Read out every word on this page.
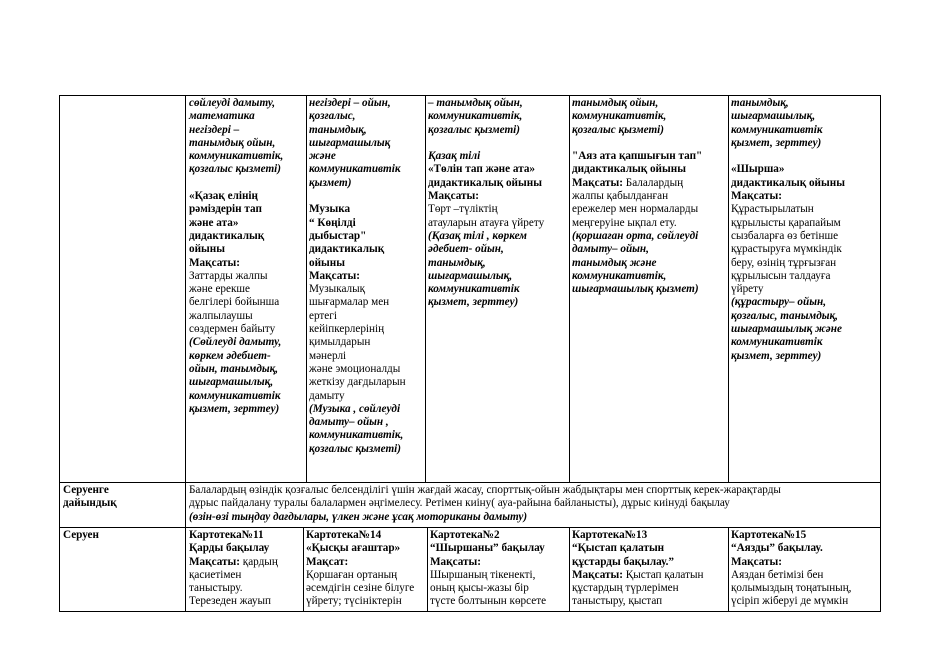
сөйлеуді дамыту,
математика
негіздері –
танымдық ойын,
коммуникативтік,
қозғалыс қызметі)

«Қазақ елінің
рәміздерін тап
және ата»
дидактикалық
ойыны
Мақсаты:
Заттарды жалпы
және ерекше
белгілері бойынша
жалпылаушы
сөздермен байыту
(Сөйлеуді дамыту,
көркем әдебиет-
ойын, танымдық,
шығармашылық,
коммуникативтік
қызмет, зерттеу)
негіздері – ойын,
қозғалыс,
танымдық,
шығармашылық
және
коммуникативтік
қызмет)

Музыка
“ Көңілді
дыбыстар"
дидактикалық
ойыны
Мақсаты:
Музыкалық
шығармалар мен
ертегі
кейіпкерлерінің
қимылдарын
мәнерлі
және эмоционалды
жеткізу дағдыларын
дамыту
(Музыка , сөйлеуді
дамыту– ойын ,
коммуникативтік,
қозғалыс қызметі)
– танымдық ойын,
коммуникативтік,
қозғалыс қызметі)

Қазақ тілі
«Төлін тап және ата»
дидактикалық ойыны
Мақсаты:
Төрт –түліктің
атауларын атауға үйрету
(Қазақ тілі , көркем
әдебиет- ойын,
танымдық,
шығармашылық,
коммуникативтік
қызмет, зерттеу)
танымдық ойын,
коммуникативтік,
қозғалыс қызметі)

"Аяз ата қапшығын тап"
дидактикалық ойыны
Мақсаты: Балалардың
жалпы қабылданған
ережелер мен нормаларды
меңгеруіне ықпал ету.
(қоршаған орта, сөйлеуді
дамыту– ойын,
танымдық және
коммуникативтік,
шығармашылық қызмет)
танымдық,
шығармашылық,
коммуникативтік
қызмет, зерттеу)

«Шырша»
дидактикалық ойыны
Мақсаты:
Құрастырылатын
құрылысты қарапайым
сызбаларға өз бетінше
құрастыруға мүмкіндік
беру, өзінің тұрғызған
құрылысын талдауға
үйрету
(құрастыру– ойын,
қозғалыс, танымдық,
шығармашылық және
коммуникативтік
қызмет, зерттеу)
Серуенге
дайындық
Балалардың өзіндік қозғалыс белсенділігі үшін жағдай жасау, спорттық-ойын жабдықтары мен спорттық керек-жарақтарды
дұрыс пайдалану туралы балалармен әңгімелесу. Ретімен киіну( ауа-райына байланысты), дұрыс киінуді бақылау
(өзін-өзі тыңдау дағдылары, үлкен және ұсақ моториканы дамыту)
Серуен	Картотека№11
Қарды бақылау
Мақсаты: қардың
қасиетімен
таныстыру.
Терезеден жауып
Картотека№14
«Қысқы ағаштар»
Мақсат:
Қоршаған ортаның
әсемдігін сезіне білуге
үйрету; түсініктерін
Картотека№2
“Шыршаны” бақылау
Мақсаты:
Шыршаның тікенекті,
оның қысы-жазы бір
түсте болтынын көрсете
Картотека№13
“Қыстап қалатын
құстарды бақылау.”
Мақсаты: Қыстап қалатын
құстардың түрлерімен
таныстыру, қыстап
Картотека№15
“Аязды” бақылау.
Мақсаты:
Аяздан бетімізі бен
қолымыздың тоңатының,
үсіріп жіберуі де мүмкін
